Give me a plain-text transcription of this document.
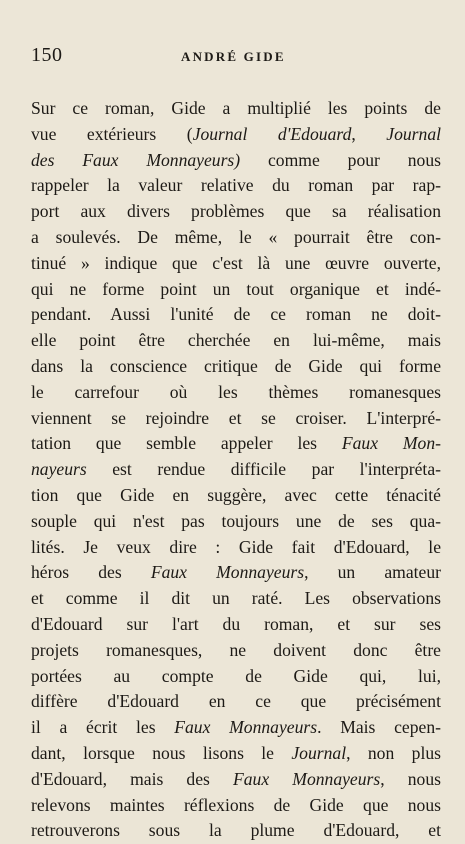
150	ANDRÉ GIDE
Sur ce roman, Gide a multiplié les points de
vue extérieurs (Journal d'Edouard, Journal
des Faux Monnayeurs) comme pour nous
rappeler la valeur relative du roman par rap-
port aux divers problèmes que sa réalisation
a soulevés. De même, le « pourrait être con-
tinué » indique que c'est là une œuvre ouverte,
qui ne forme point un tout organique et indé-
pendant. Aussi l'unité de ce roman ne doit-
elle point être cherchée en lui-même, mais
dans la conscience critique de Gide qui forme
le carrefour où les thèmes romanesques
viennent se rejoindre et se croiser. L'interpré-
tation que semble appeler les Faux Mon-
nayeurs est rendue difficile par l'interpréta-
tion que Gide en suggère, avec cette ténacité
souple qui n'est pas toujours une de ses qua-
lités. Je veux dire : Gide fait d'Edouard, le
héros des Faux Monnayeurs, un amateur
et comme il dit un raté. Les observations
d'Edouard sur l'art du roman, et sur ses
projets romanesques, ne doivent donc être
portées au compte de Gide qui, lui,
diffère d'Edouard en ce que précisément
il a écrit les Faux Monnayeurs. Mais cepen-
dant, lorsque nous lisons le Journal, non plus
d'Edouard, mais des Faux Monnayeurs, nous
relevons maintes réflexions de Gide que nous
retrouverons sous la plume d'Edouard, et
